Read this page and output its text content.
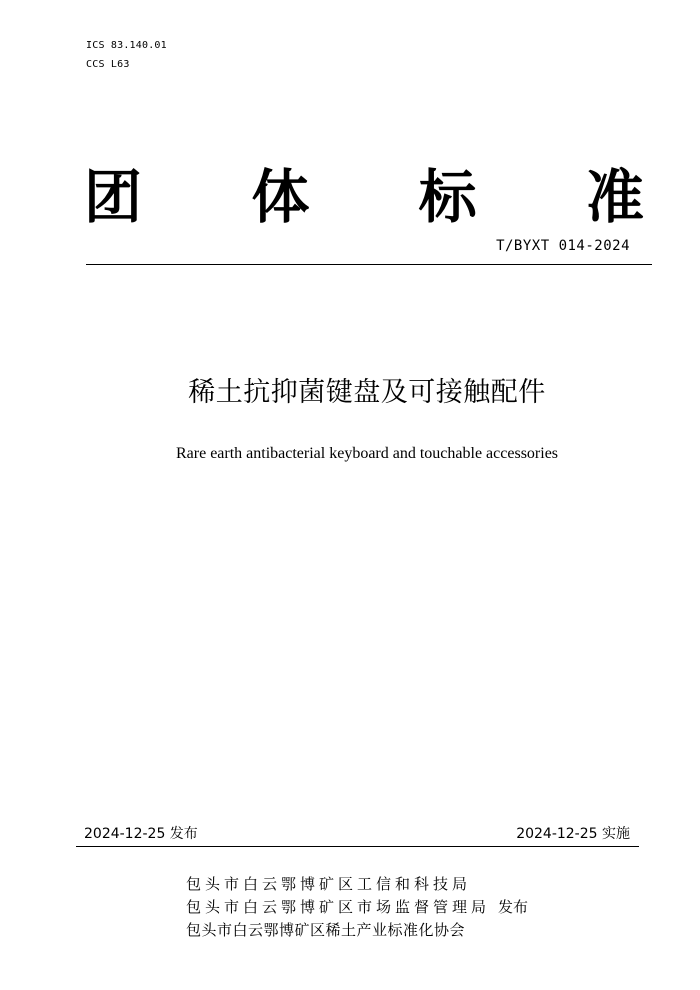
ICS 83.140.01
CCS L63
团 体 标 准
T/BYXT 014-2024
稀土抗抑菌键盘及可接触配件
Rare earth antibacterial keyboard and touchable accessories
2024-12-25 发布	2024-12-25 实施
包头市白云鄂博矿区工信和科技局
包头市白云鄂博矿区市场监督管理局 发布
包头市白云鄂博矿区稀土产业标准化协会
